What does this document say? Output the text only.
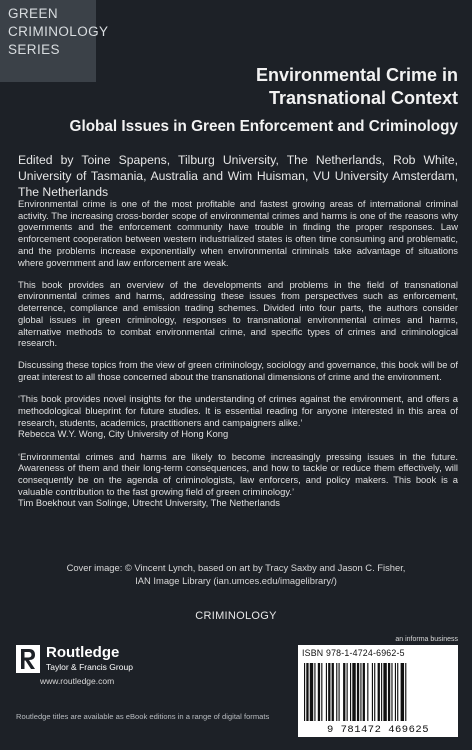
GREEN
CRIMINOLOGY
SERIES
Environmental Crime in
Transnational Context
Global Issues in Green Enforcement and Criminology
Edited by Toine Spapens, Tilburg University, The Netherlands, Rob White, University of Tasmania, Australia and Wim Huisman, VU University Amsterdam, The Netherlands

Environmental crime is one of the most profitable and fastest growing areas of international criminal activity. The increasing cross-border scope of environmental crimes and harms is one of the reasons why governments and the enforcement community have trouble in finding the proper responses. Law enforcement cooperation between western industrialized states is often time consuming and problematic, and the problems increase exponentially when environmental criminals take advantage of situations where government and law enforcement are weak.

This book provides an overview of the developments and problems in the field of transnational environmental crimes and harms, addressing these issues from perspectives such as enforcement, deterrence, compliance and emission trading schemes. Divided into four parts, the authors consider global issues in green criminology, responses to transnational environmental crimes and harms, alternative methods to combat environmental crime, and specific types of crimes and criminological research.

Discussing these topics from the view of green criminology, sociology and governance, this book will be of great interest to all those concerned about the transnational dimensions of crime and the environment.

‘This book provides novel insights for the understanding of crimes against the environment, and offers a methodological blueprint for future studies. It is essential reading for anyone interested in this area of research, students, academics, practitioners and campaigners alike.’
Rebecca W.Y. Wong, City University of Hong Kong

‘Environmental crimes and harms are likely to become increasingly pressing issues in the future. Awareness of them and their long-term consequences, and how to tackle or reduce them effectively, will consequently be on the agenda of criminologists, law enforcers, and policy makers. This book is a valuable contribution to the fast growing field of green criminology.’
Tim Boekhout van Solinge, Utrecht University, The Netherlands

Cover image: © Vincent Lynch, based on art by Tracy Saxby and Jason C. Fisher,
IAN Image Library (ian.umces.edu/imagelibrary/)
CRIMINOLOGY
Routledge
Taylor & Francis Group
www.routledge.com
an informa business
ISBN 978-1-4724-6962-5
9 781472 469625
Routledge titles are available as eBook editions in a range of digital formats
